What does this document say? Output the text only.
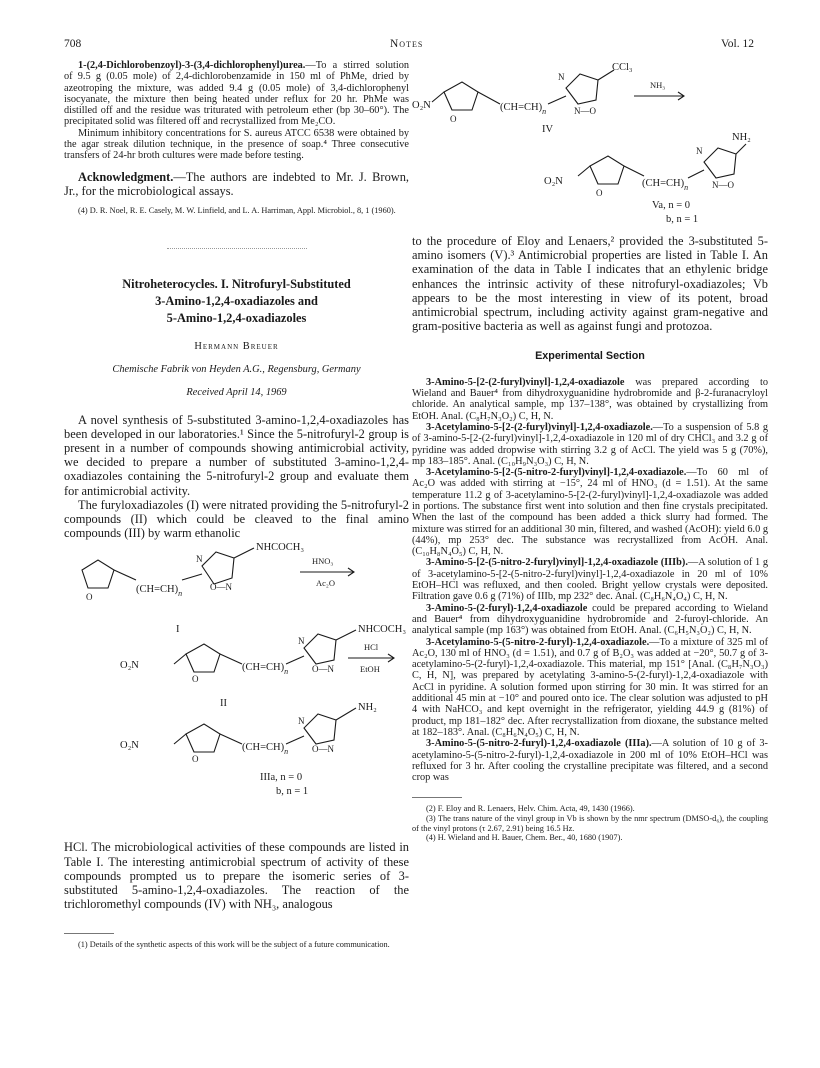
708	Notes	Vol. 12

1-(2,4-Dichlorobenzoyl)-3-(3,4-dichlorophenyl)urea.—To a stirred solution of 9.5 g (0.05 mole) of 2,4-dichlorobenzamide in 150 ml of PhMe, dried by azeotroping the mixture, was added 9.4 g (0.05 mole) of 3,4-dichlorophenyl isocyanate, the mixture then being heated under reflux for 20 hr. PhMe was distilled off and the residue was triturated with petroleum ether (bp 30–60°). The precipitated solid was filtered off and recrystallized from Me₂CO.

Minimum inhibitory concentrations for S. aureus ATCC 6538 were obtained by the agar streak dilution technique, in the presence of soap.⁴ Three consecutive transfers of 24-hr broth cultures were made before testing.

Acknowledgment.—The authors are indebted to Mr. J. Brown, Jr., for the microbiological assays.

(4) D. R. Noel, R. E. Casely, M. W. Linfield, and L. A. Harriman, Appl. Microbiol., 8, 1 (1960).

Nitroheterocycles. I. Nitrofuryl-Substituted
3-Amino-1,2,4-oxadiazoles and
5-Amino-1,2,4-oxadiazoles
Hermann Breuer
Chemische Fabrik von Heyden A.G., Regensburg, Germany
Received April 14, 1969

A novel synthesis of 5-substituted 3-amino-1,2,4-oxadiazoles has been developed in our laboratories.¹ Since the 5-nitrofuryl-2 group is present in a number of compounds showing antimicrobial activity, we decided to prepare a number of substituted 3-amino-1,2,4-oxadiazoles containing the 5-nitrofuryl-2 group and evaluate them for antimicrobial activity.

The furyloxadiazoles (I) were nitrated providing the 5-nitrofuryl-2 compounds (II) which could be cleaved to the final amino compounds (III) by warm ethanolic

O
$(CH=CH)_n$
O—N
N
NHCOCH₃
HNO₃
Ac₂O
I
O₂N
O
$(CH=CH)_n$	O—N
N
NHCOCH₃
HCl
EtOH
II
O₂N
O
$(CH=CH)_n$	O—N
N
NH₂
IIIa, n = 0
b, n = 1

HCl. The microbiological activities of these compounds are listed in Table I. The interesting antimicrobial spectrum of activity of these compounds prompted us to prepare the isomeric series of 3-substituted 5-amino-1,2,4-oxadiazoles. The reaction of the trichloromethyl compounds (IV) with NH₃, analogous

(1) Details of the synthetic aspects of this work will be the subject of a future communication.

O₂N
O
$(CH=CH)_n$	N—O
N
CCl₃
NH₃
IV
O₂N
O
$(CH=CH)_n$	N—O
N
NH₂
Va, n = 0
b, n = 1

to the procedure of Eloy and Lenaers,² provided the 3-substituted 5-amino isomers (V).³ Antimicrobial properties are listed in Table I. An examination of the data in Table I indicates that an ethylenic bridge enhances the intrinsic activity of these nitrofuryl-oxadiazoles; Vb appears to be the most interesting in view of its potent, broad antimicrobial spectrum, including activity against gram-negative and gram-positive bacteria as well as against fungi and protozoa.

Experimental Section

3-Amino-5-[2-(2-furyl)vinyl]-1,2,4-oxadiazole was prepared according to Wieland and Bauer⁴ from dihydroxyguanidine hydrobromide and β-2-furanacryloyl chloride. An analytical sample, mp 137–138°, was obtained by crystallizing from EtOH. Anal. (C₈H₇N₃O₂) C, H, N.

3-Acetylamino-5-[2-(2-furyl)vinyl]-1,2,4-oxadiazole.—To a suspension of 5.8 g of 3-amino-5-[2-(2-furyl)vinyl]-1,2,4-oxadiazole in 120 ml of dry CHCl₃ and 3.2 g of pyridine was added dropwise with stirring 3.2 g of AcCl. The yield was 5 g (70%), mp 183–185°. Anal. (C₁₀H₉N₃O₃) C, H, N.

3-Acetylamino-5-[2-(5-nitro-2-furyl)vinyl]-1,2,4-oxadiazole.—To 60 ml of Ac₂O was added with stirring at −15°, 24 ml of HNO₃ (d = 1.51). At the same temperature 11.2 g of 3-acetylamino-5-[2-(2-furyl)vinyl]-1,2,4-oxadiazole was added in portions. The substance first went into solution and then fine crystals precipitated. When the last of the compound has been added a thick slurry had formed. The mixture was stirred for an additional 30 min, filtered, and washed (AcOH): yield 6.0 g (44%), mp 253° dec. The substance was recrystallized from AcOH. Anal. (C₁₀H₈N₄O₅) C, H, N.

3-Amino-5-[2-(5-nitro-2-furyl)vinyl]-1,2,4-oxadiazole (IIIb).—A solution of 1 g of 3-acetylamino-5-[2-(5-nitro-2-furyl)vinyl]-1,2,4-oxadiazole in 20 ml of 10% EtOH–HCl was refluxed, and then cooled. Bright yellow crystals were deposited. Filtration gave 0.6 g (71%) of IIIb, mp 232° dec. Anal. (C₈H₆N₄O₄) C, H, N.

3-Amino-5-(2-furyl)-1,2,4-oxadiazole could be prepared according to Wieland and Bauer⁴ from dihydroxyguanidine hydrobromide and 2-furoyl-chloride. An analytical sample (mp 163°) was obtained from EtOH. Anal. (C₆H₅N₃O₂) C, H, N.

3-Acetylamino-5-(5-nitro-2-furyl)-1,2,4-oxadiazole.—To a mixture of 325 ml of Ac₂O, 130 ml of HNO₃ (d = 1.51), and 0.7 g of B₂O₃ was added at −20°, 50.7 g of 3-acetylamino-5-(2-furyl)-1,2,4-oxadiazole. This material, mp 151° [Anal. (C₈H₇N₃O₃) C, H, N], was prepared by acetylating 3-amino-5-(2-furyl)-1,2,4-oxadiazole with AcCl in pyridine. A solution formed upon stirring for 30 min. It was stirred for an additional 45 min at −10° and poured onto ice. The clear solution was adjusted to pH 4 with NaHCO₃ and kept overnight in the refrigerator, yielding 44.9 g (81%) of product, mp 181–182° dec. After recrystallization from dioxane, the substance melted at 182–183°. Anal. (C₈H₆N₄O₅) C, H, N.

3-Amino-5-(5-nitro-2-furyl)-1,2,4-oxadiazole (IIIa).—A solution of 10 g of 3-acetylamino-5-(5-nitro-2-furyl)-1,2,4-oxadiazole in 200 ml of 10% EtOH–HCl was refluxed for 3 hr. After cooling the crystalline precipitate was filtered, and a second crop was

(2) F. Eloy and R. Lenaers, Helv. Chim. Acta, 49, 1430 (1966).

(3) The trans nature of the vinyl group in Vb is shown by the nmr spectrum (DMSO-d₆), the coupling of the vinyl protons (τ 2.67, 2.91) being 16.5 Hz.

(4) H. Wieland and H. Bauer, Chem. Ber., 40, 1680 (1907).
